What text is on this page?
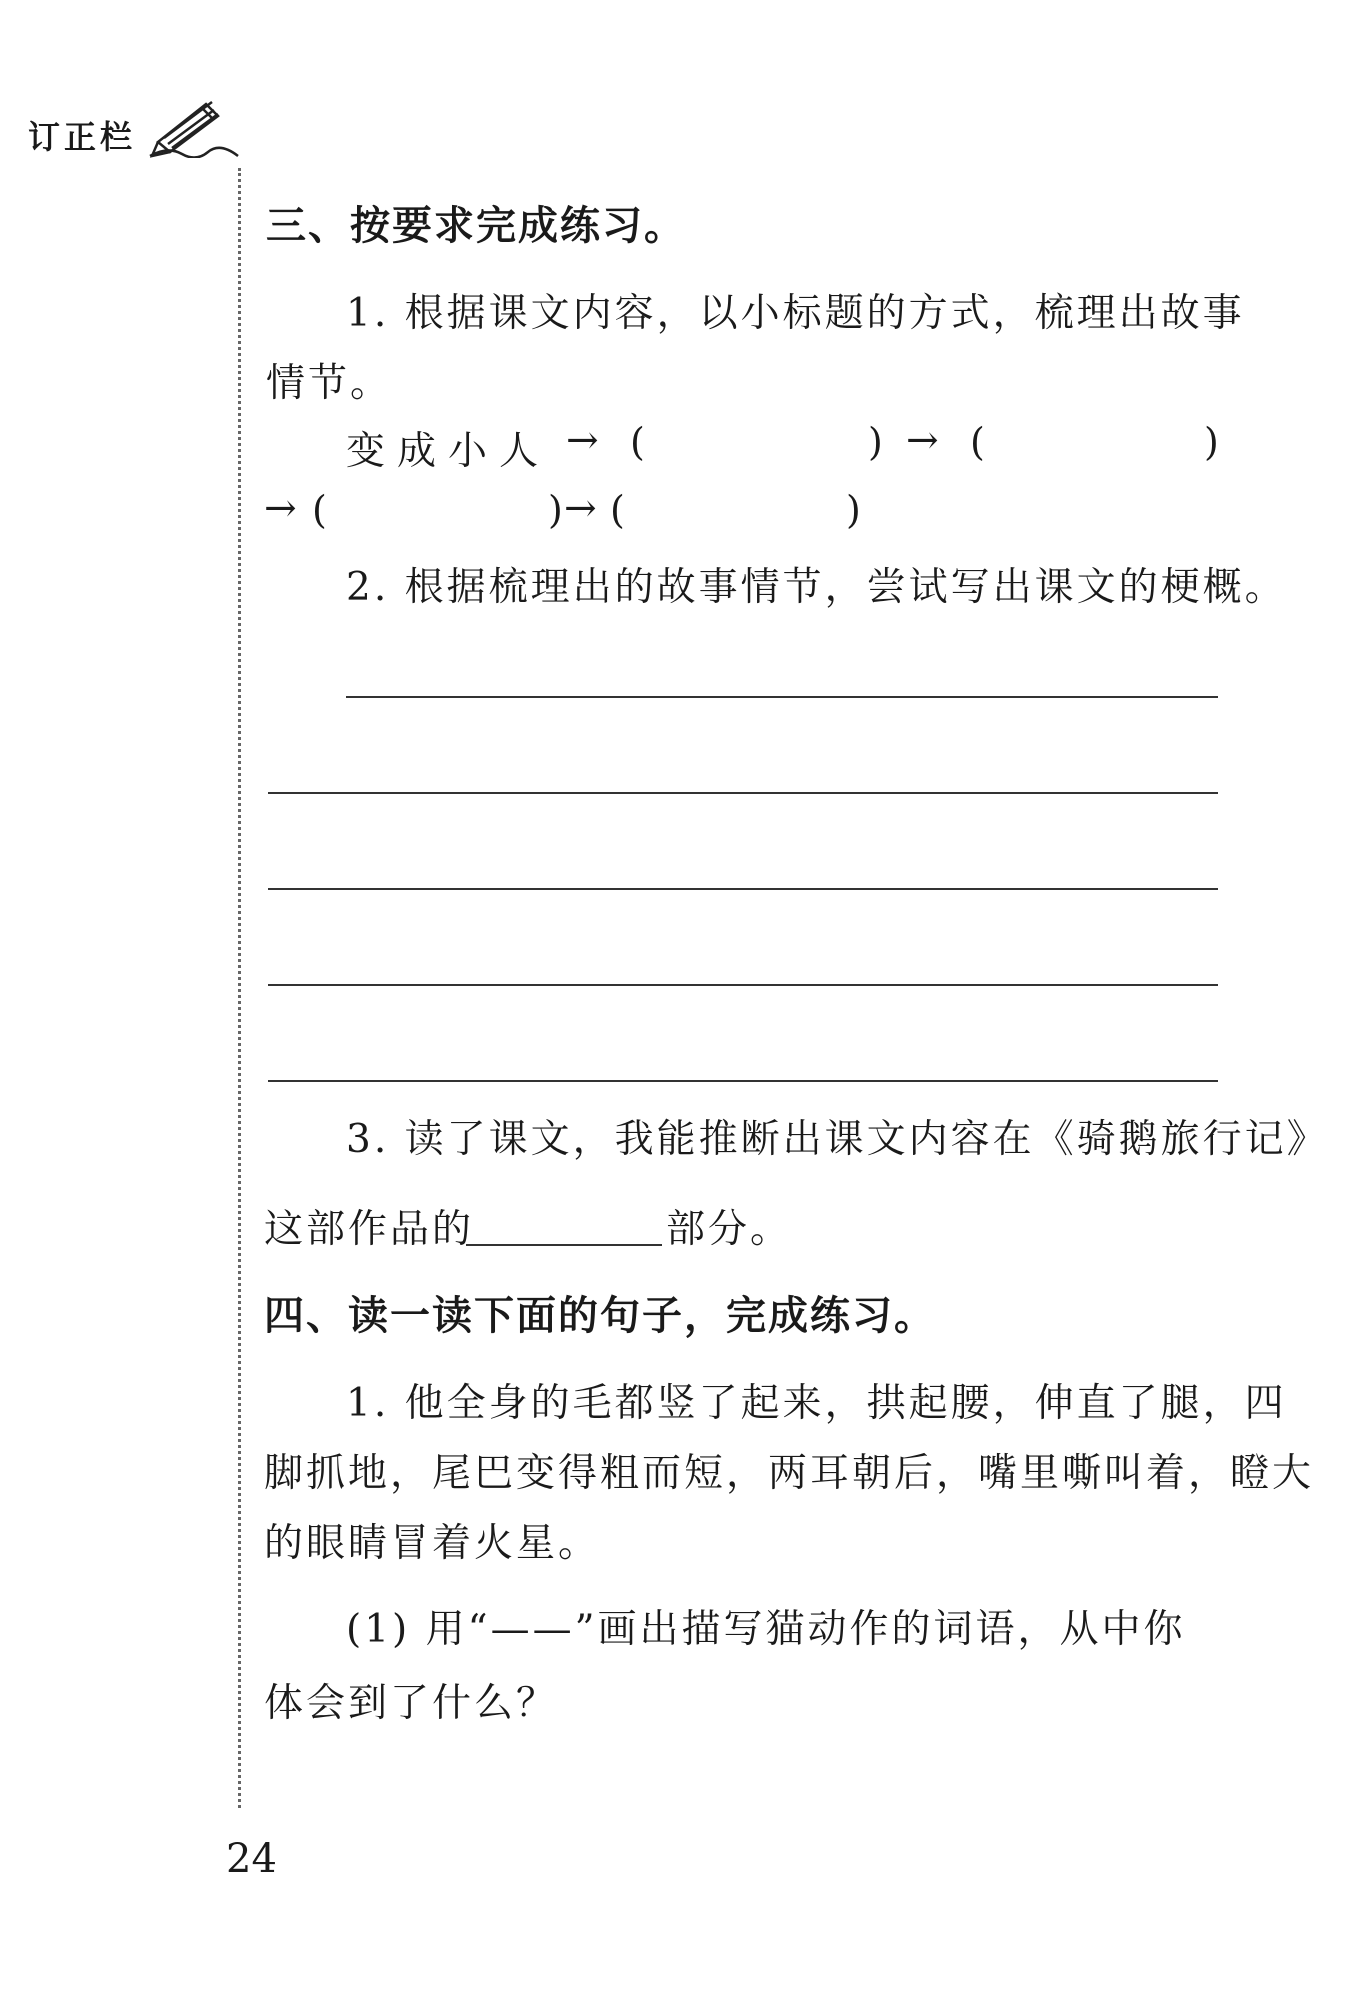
订正栏
三、按要求完成练习。
1. 根据课文内容，以小标题的方式，梳理出故事
情节。
变成小人 → (	) → (	)
→ (	) → (	)
2. 根据梳理出的故事情节，尝试写出课文的梗概。
3. 读了课文，我能推断出课文内容在《骑鹅旅行记》
这部作品的	部分。
四、读一读下面的句子，完成练习。
1. 他全身的毛都竖了起来，拱起腰，伸直了腿，四
脚抓地，尾巴变得粗而短，两耳朝后，嘴里嘶叫着，瞪大
的眼睛冒着火星。
(1) 用“——”画出描写猫动作的词语，从中你
体会到了什么？
24
